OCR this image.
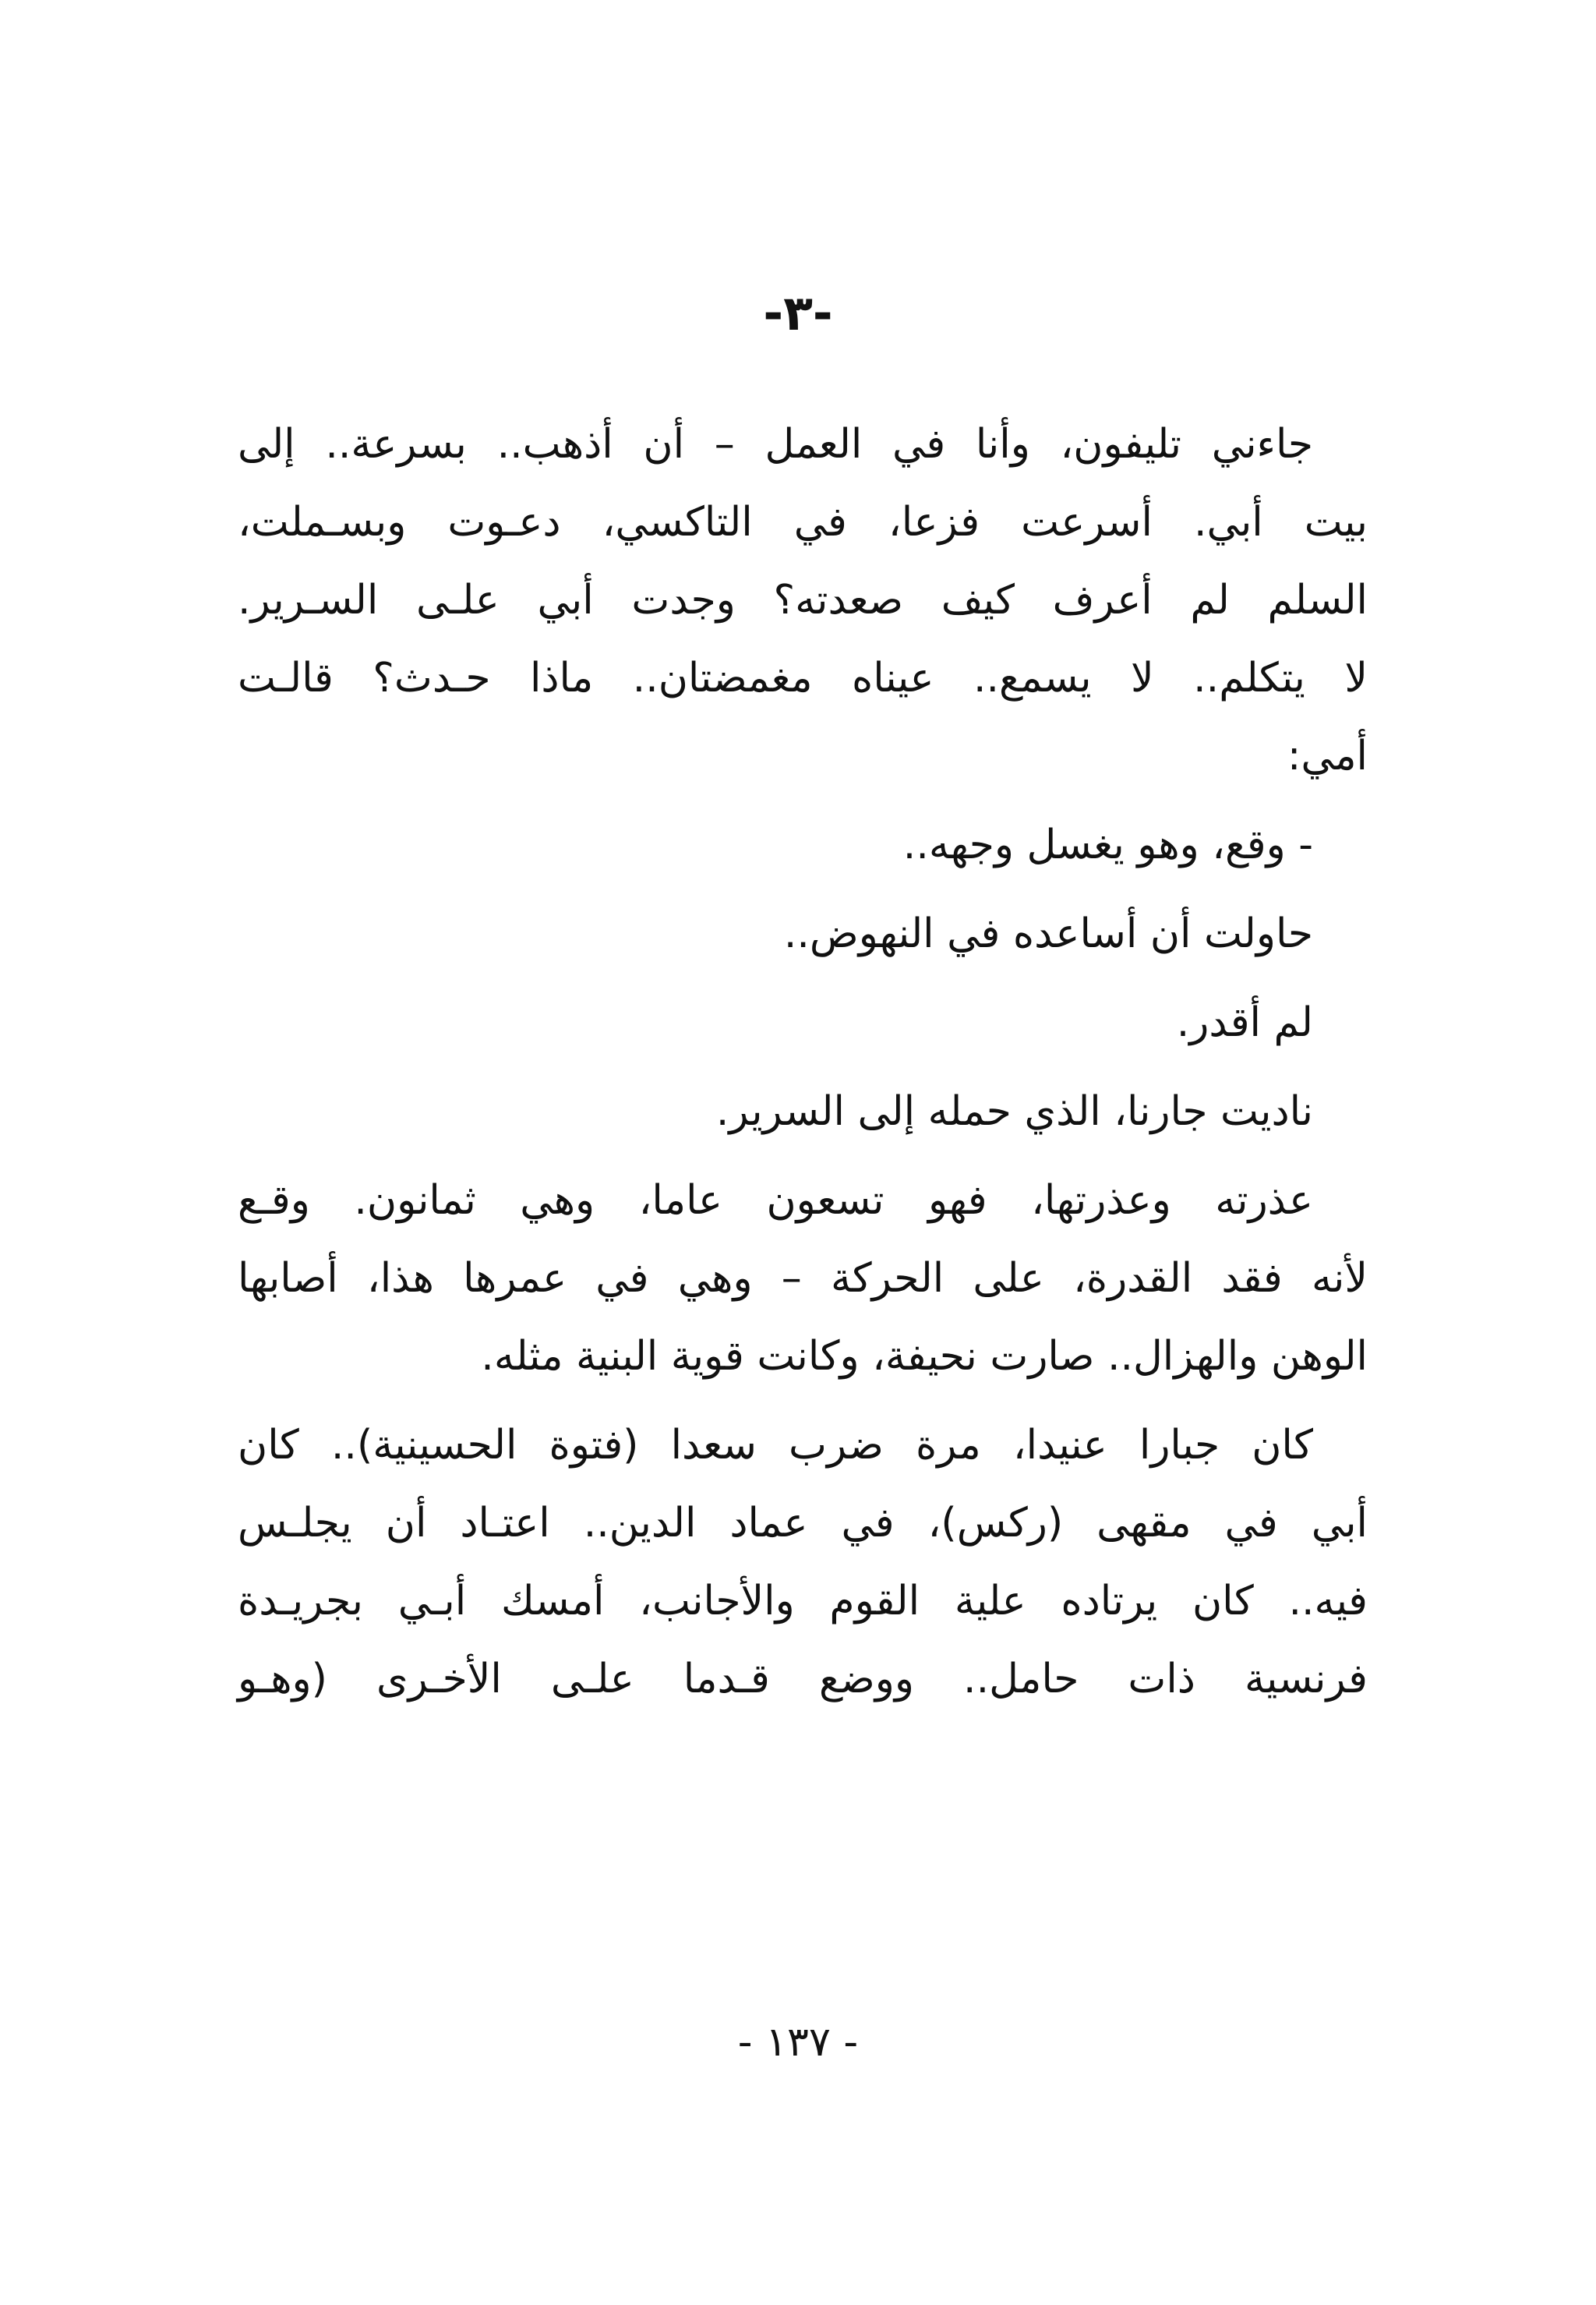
-٣-
جاءني تليفون، وأنا في العمل – أن أذهب.. بسرعة.. إلى
بيت أبي. أسرعت فزعا، في التاكسي، دعـوت وبسـملت،
السلم لم أعرف كيف صعدته؟ وجدت أبي علـى السـرير.
لا يتكلم.. لا يسمع.. عيناه مغمضتان.. ماذا حـدث؟ قالـت
أمي:
- وقع، وهو يغسل وجهه..
حاولت أن أساعده في النهوض..
لم أقدر.
ناديت جارنا، الذي حمله إلى السرير.
عذرته وعذرتها، فهو تسعون عاما، وهي ثمانون. وقـع
لأنه فقد القدرة، على الحركة – وهي في عمرها هذا، أصابها
الوهن والهزال.. صارت نحيفة، وكانت قوية البنية مثله.
كان جبارا عنيدا، مرة ضرب سعدا (فتوة الحسينية).. كان
أبي في مقهى (ركس)، في عماد الدين.. اعتـاد أن يجلـس
فيه.. كان يرتاده علية القوم والأجانب، أمسك أبـي بجريـدة
فرنسية ذات حامل.. ووضع قـدما علـى الأخـرى (وهـو
- ١٣٧ -
